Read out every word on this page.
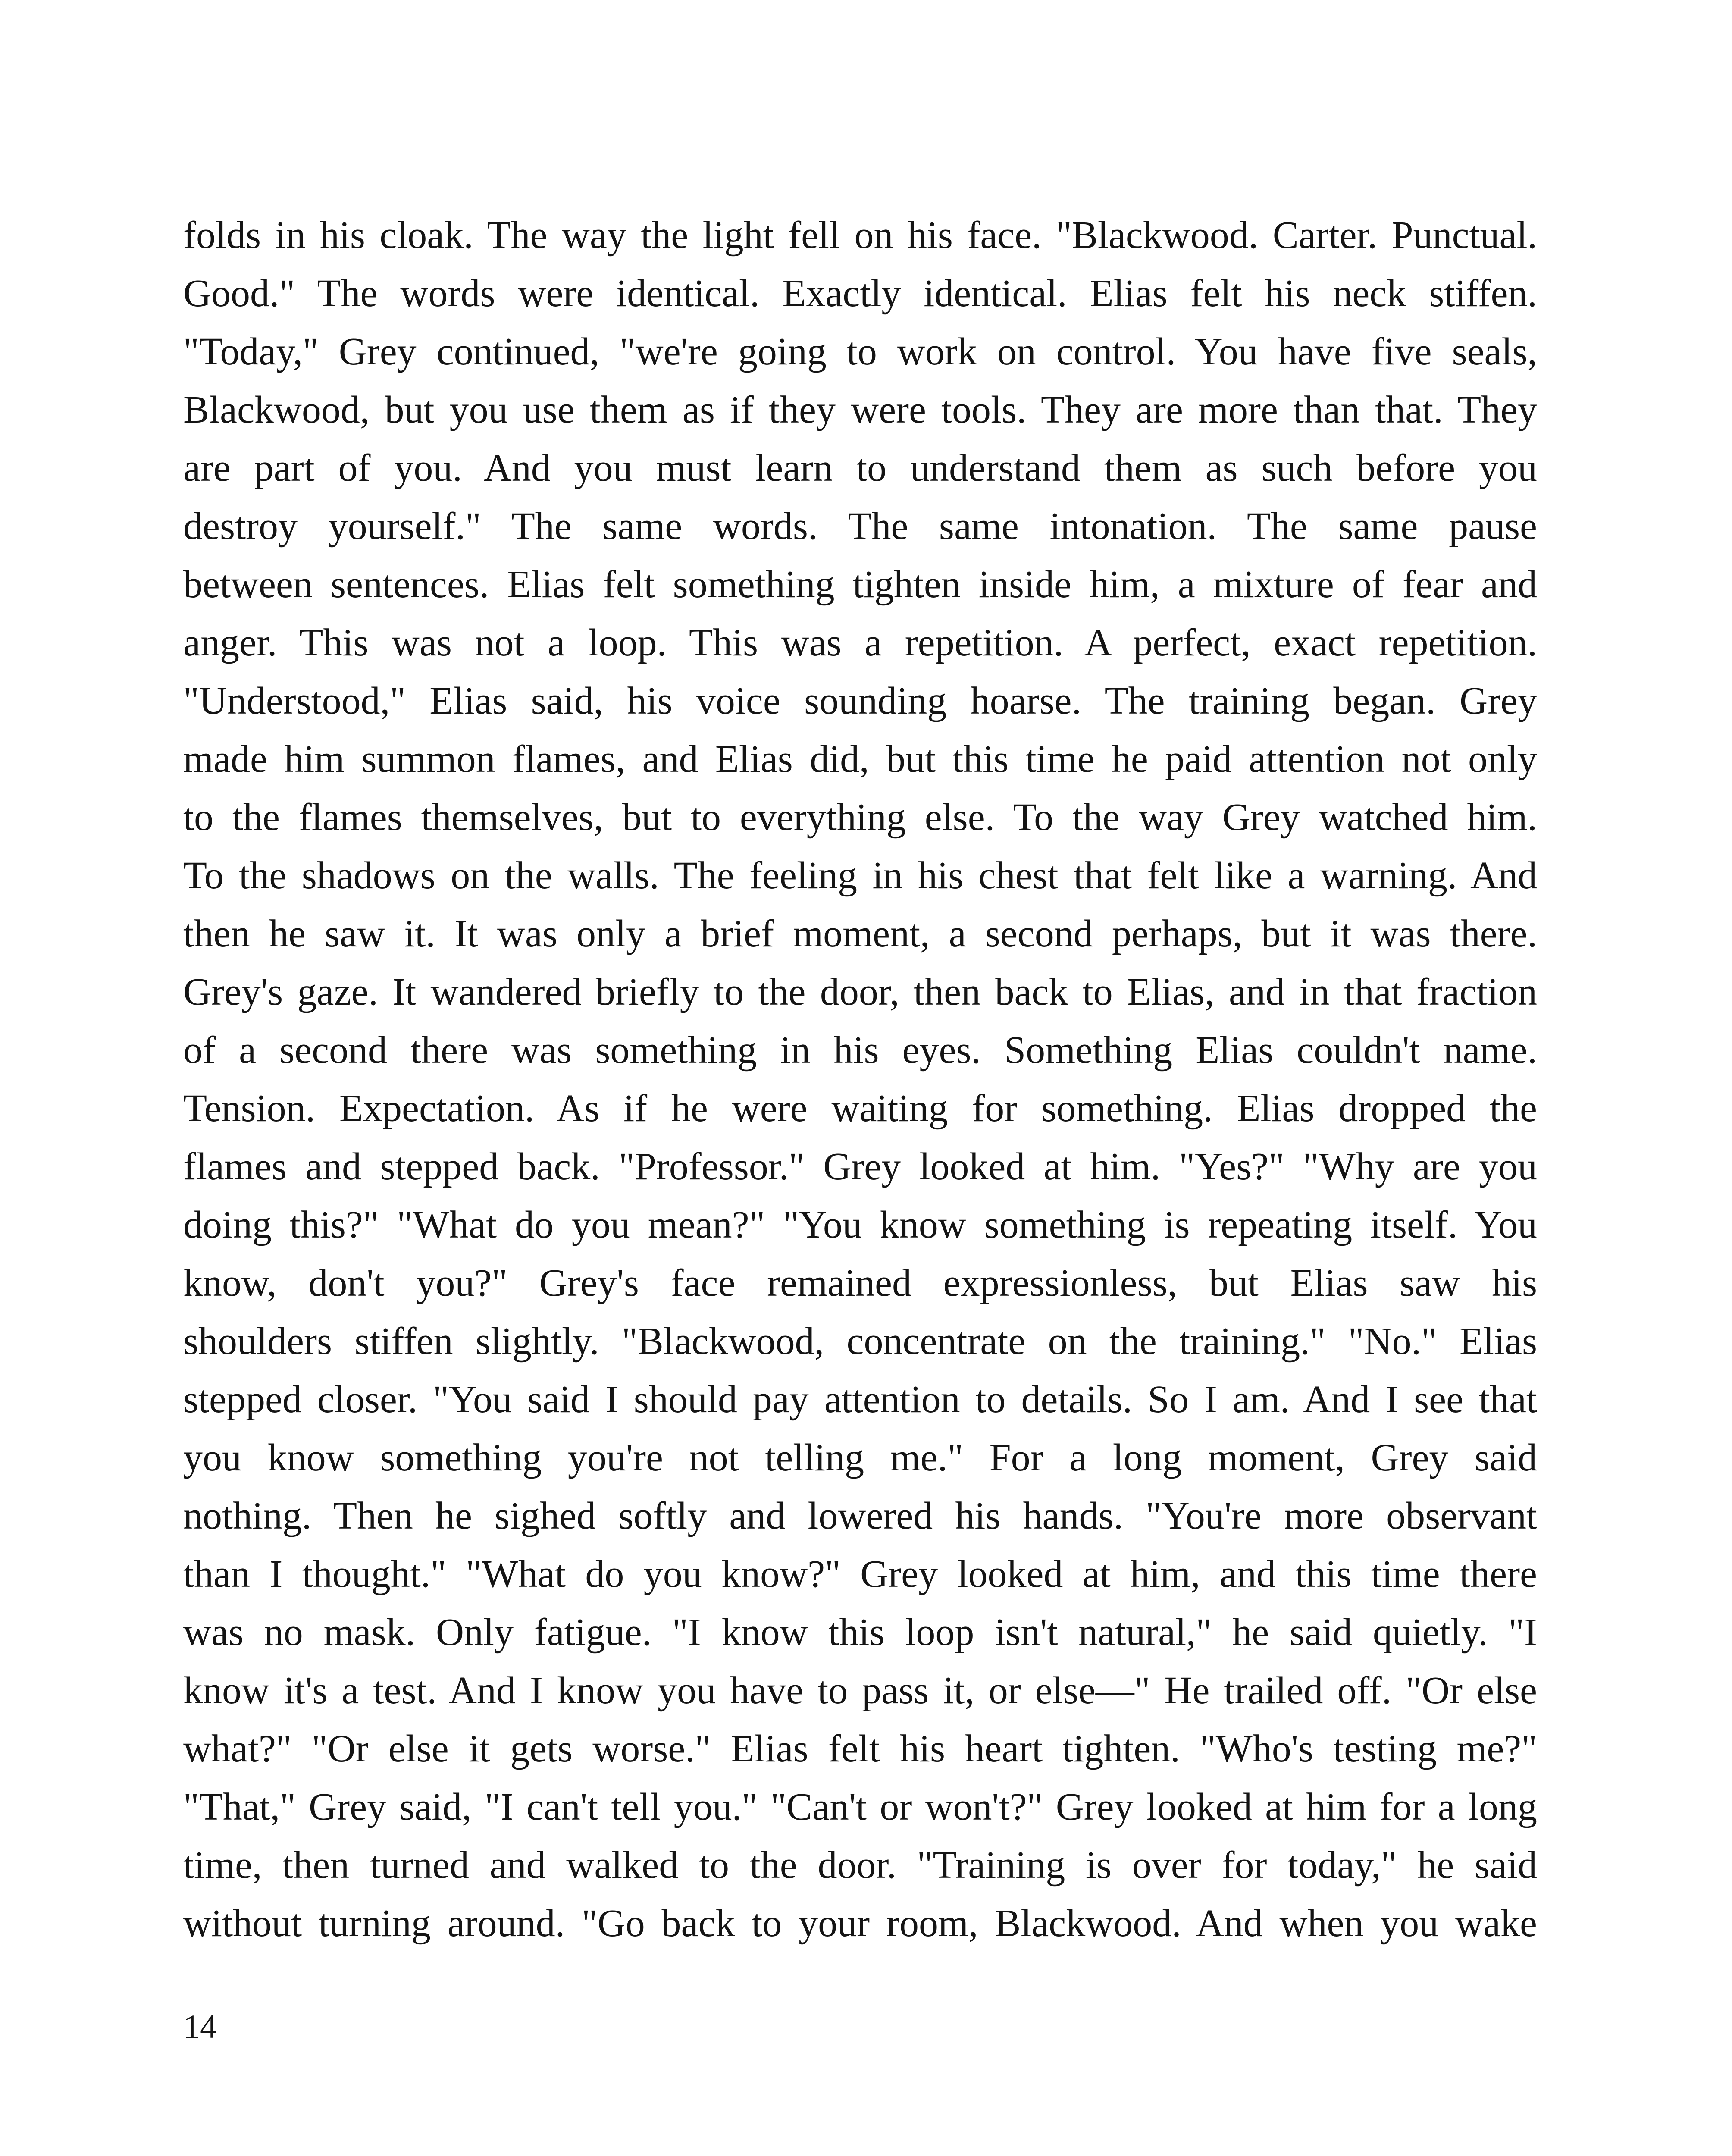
folds in his cloak. The way the light fell on his face. "Blackwood. Carter. Punctual.
Good." The words were identical. Exactly identical. Elias felt his neck stiffen.
"Today," Grey continued, "we're going to work on control. You have five seals,
Blackwood, but you use them as if they were tools. They are more than that. They
are part of you. And you must learn to understand them as such before you
destroy yourself." The same words. The same intonation. The same pause
between sentences. Elias felt something tighten inside him, a mixture of fear and
anger. This was not a loop. This was a repetition. A perfect, exact repetition.
"Understood," Elias said, his voice sounding hoarse. The training began. Grey
made him summon flames, and Elias did, but this time he paid attention not only
to the flames themselves, but to everything else. To the way Grey watched him.
To the shadows on the walls. The feeling in his chest that felt like a warning. And
then he saw it. It was only a brief moment, a second perhaps, but it was there.
Grey's gaze. It wandered briefly to the door, then back to Elias, and in that fraction
of a second there was something in his eyes. Something Elias couldn't name.
Tension. Expectation. As if he were waiting for something. Elias dropped the
flames and stepped back. "Professor." Grey looked at him. "Yes?" "Why are you
doing this?" "What do you mean?" "You know something is repeating itself. You
know, don't you?" Grey's face remained expressionless, but Elias saw his
shoulders stiffen slightly. "Blackwood, concentrate on the training." "No." Elias
stepped closer. "You said I should pay attention to details. So I am. And I see that
you know something you're not telling me." For a long moment, Grey said
nothing. Then he sighed softly and lowered his hands. "You're more observant
than I thought." "What do you know?" Grey looked at him, and this time there
was no mask. Only fatigue. "I know this loop isn't natural," he said quietly. "I
know it's a test. And I know you have to pass it, or else—" He trailed off. "Or else
what?" "Or else it gets worse." Elias felt his heart tighten. "Who's testing me?"
"That," Grey said, "I can't tell you." "Can't or won't?" Grey looked at him for a long
time, then turned and walked to the door. "Training is over for today," he said
without turning around. "Go back to your room, Blackwood. And when you wake
14
